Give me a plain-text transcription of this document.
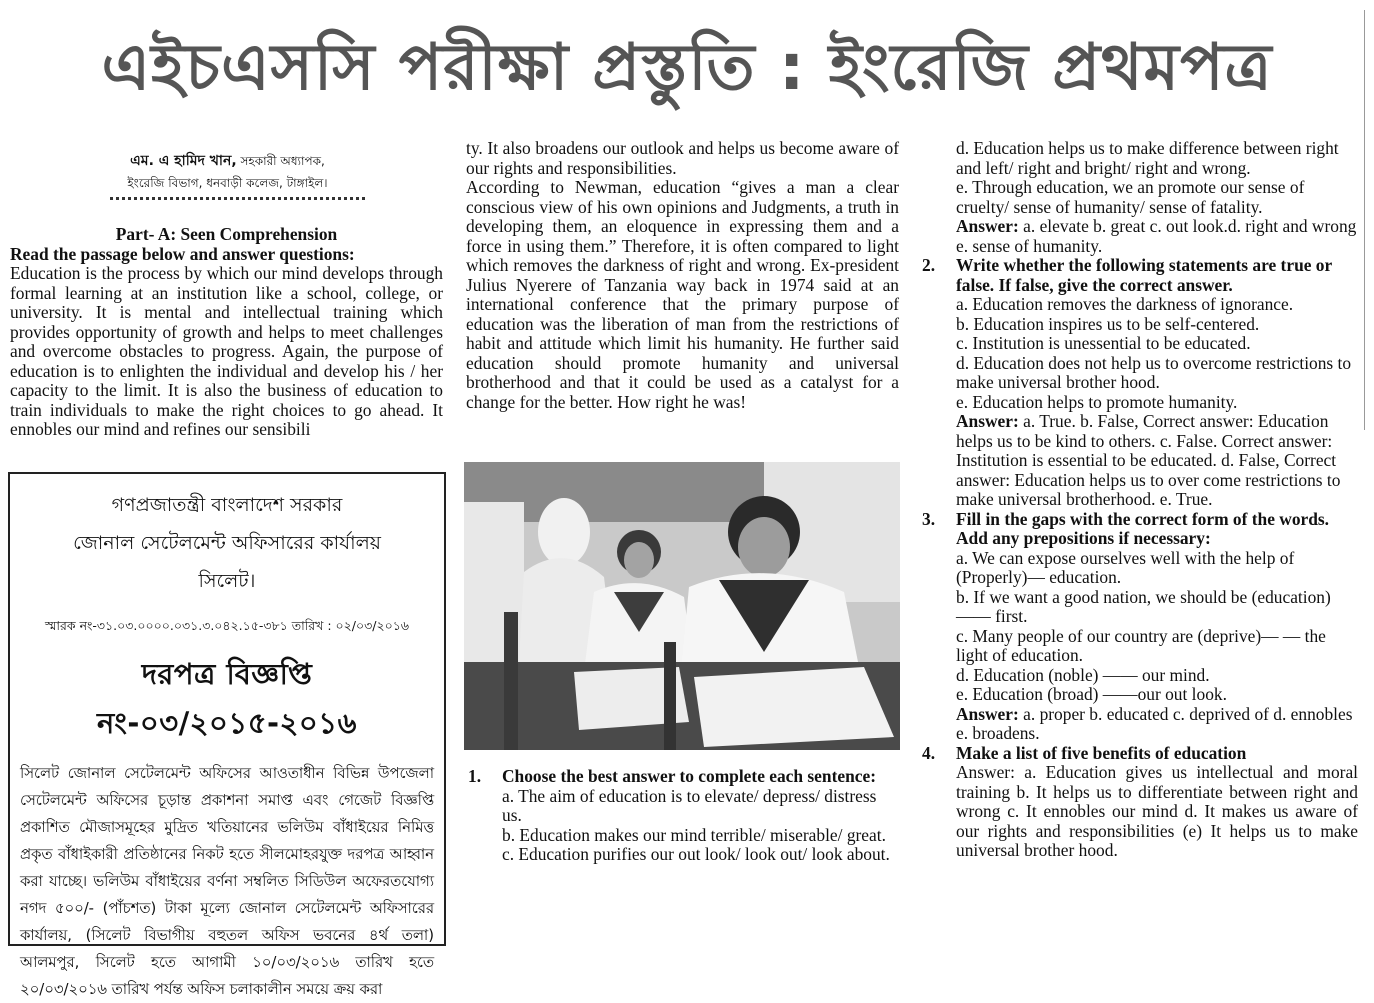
এইচএসসি পরীক্ষা প্রস্তুতি : ইংরেজি প্রথমপত্র
এম. এ হামিদ খান, সহকারী অধ্যাপক,
ইংরেজি বিভাগ, ধনবাড়ী কলেজ, টাঙ্গাইল।

Part- A: Seen Comprehension

Read the passage below and answer questions:

Education is the process by which our mind develops through formal learning at an institution like a school, college, or university. It is mental and intellectual training which provides opportunity of growth and helps to meet challenges and overcome obstacles to progress. Again, the purpose of education is to enlighten the individual and develop his / her capacity to the limit. It is also the business of education to train individuals to make the right choices to go ahead. It ennobles our mind and refines our sensibili

গণপ্রজাতন্ত্রী বাংলাদেশ সরকার
জোনাল সেটেলমেন্ট অফিসারের কার্যালয়
সিলেট।
স্মারক নং-৩১.০৩.০০০০.০৩১.৩.০৪২.১৫-৩৮১ তারিখ : ০২/০৩/২০১৬
দরপত্র বিজ্ঞপ্তি নং-০৩/২০১৫-২০১৬
সিলেট জোনাল সেটেলমেন্ট অফিসের আওতাধীন বিভিন্ন উপজেলা সেটেলমেন্ট অফিসের চূড়ান্ত প্রকাশনা সমাপ্ত এবং গেজেট বিজ্ঞপ্তি প্রকাশিত মৌজাসমূহের মুদ্রিত খতিয়ানের ভলিউম বাঁধাইয়ের নিমিত্ত প্রকৃত বাঁধাইকারী প্রতিষ্ঠানের নিকট হতে সীলমোহরযুক্ত দরপত্র আহ্বান করা যাচ্ছে। ভলিউম বাঁধাইয়ের বর্ণনা সম্বলিত সিডিউল অফেরতযোগ্য নগদ ৫০০/- (পাঁচশত) টাকা মূল্যে জোনাল সেটেলমেন্ট অফিসারের কার্যালয়, (সিলেট বিভাগীয় বহুতল অফিস ভবনের ৪র্থ তলা) আলমপুর, সিলেট হতে আগামী ১০/০৩/২০১৬ তারিখ হতে ২০/০৩/২০১৬ তারিখ পর্যন্ত অফিস চলাকালীন সময়ে ক্রয় করা

ty. It also broadens our outlook and helps us become aware of our rights and responsibilities.

According to Newman, education “gives a man a clear conscious view of his own opinions and Judgments, a truth in developing them, an eloquence in expressing them and a force in using them.” Therefore, it is often compared to light which removes the darkness of right and wrong. Ex-president Julius Nyerere of Tanzania way back in 1974 said at an international conference that the primary purpose of education was the liberation of man from the restrictions of habit and attitude which limit his humanity. He further said education should promote humanity and universal brotherhood and that it could be used as a catalyst for a change for the better. How right he was!

1. Choose the best answer to complete each sentence:

a. The aim of education is to elevate/ depress/ distress us.

b. Education makes our mind terrible/ miserable/ great.

c. Education purifies our out look/ look out/ look about.

d. Education helps us to make difference between right and left/ right and bright/ right and wrong.

e. Through education, we an promote our sense of cruelty/ sense of humanity/ sense of fatality.

Answer: a. elevate b. great c. out look.d. right and wrong e. sense of humanity.

2. Write whether the following statements are true or false. If false, give the correct answer.

a. Education removes the darkness of ignorance.

b. Education inspires us to be self-centered.

c. Institution is unessential to be educated.

d. Education does not help us to overcome restrictions to make universal brother hood.

e. Education helps to promote humanity.

Answer: a. True. b. False, Correct answer: Education helps us to be kind to others. c. False. Correct answer: Institution is essential to be educated. d. False, Correct answer: Education helps us to over come restrictions to make universal brotherhood. e. True.

3. Fill in the gaps with the correct form of the words. Add any prepositions if necessary:

a. We can expose ourselves well with the help of (Properly)— education.

b. If we want a good nation, we should be (education)—— first.

c. Many people of our country are (deprive)— — the light of education.

d. Education (noble) —— our mind.

e. Education (broad) ——our out look.

Answer: a. proper b. educated c. deprived of d. ennobles e. broadens.

4. Make a list of five benefits of education

Answer: a. Education gives us intellectual and moral training b. It helps us to differentiate between right and wrong c. It ennobles our mind d. It makes us aware of our rights and responsibilities (e) It helps us to make universal brother hood.
